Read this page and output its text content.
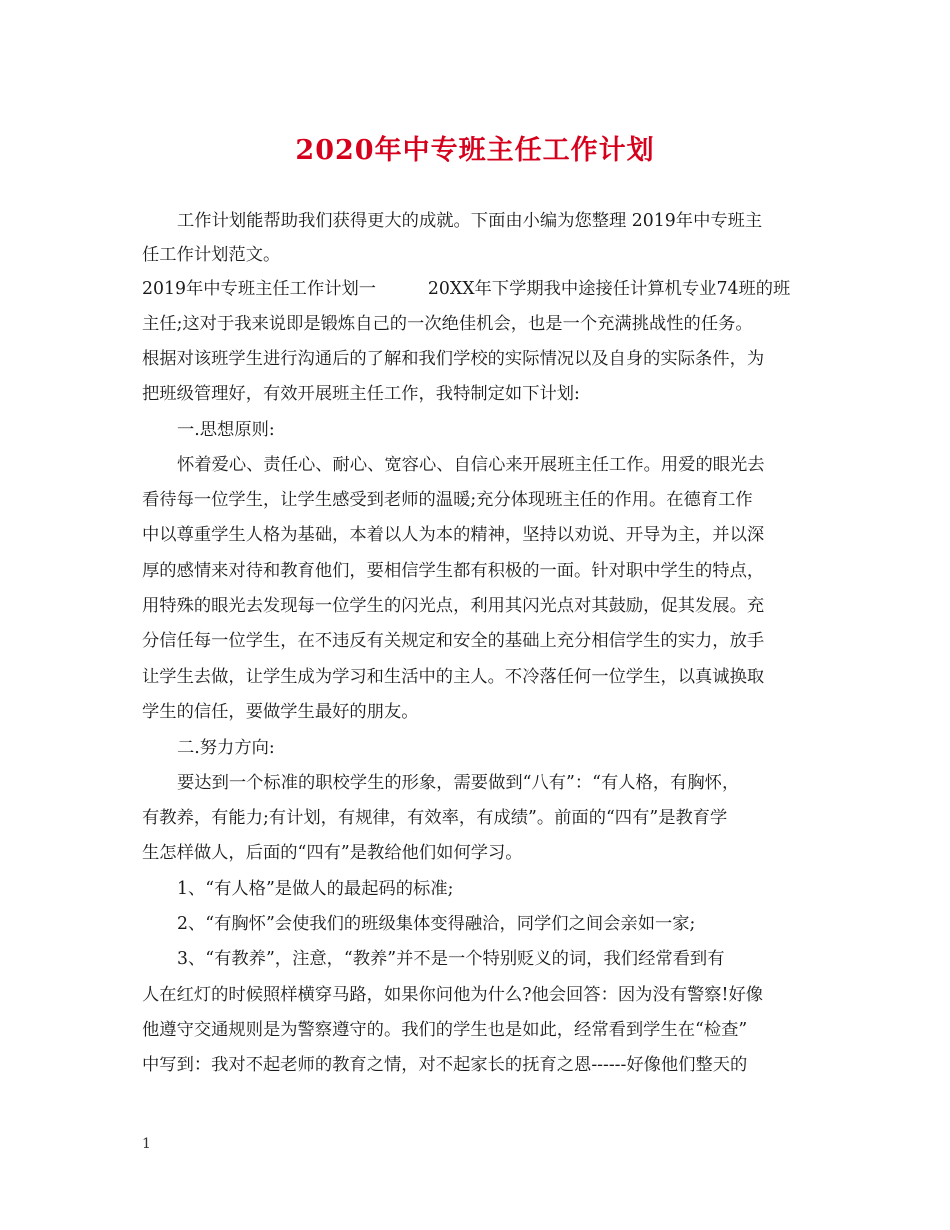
2020年中专班主任工作计划

工作计划能帮助我们获得更大的成就。下面由小编为您整理 2019年中专班主

任工作计划范文。

2019年中专班主任工作计划一　　　20XX年下学期我中途接任计算机专业74班的班

主任;这对于我来说即是锻炼自己的一次绝佳机会，也是一个充满挑战性的任务。

根据对该班学生进行沟通后的了解和我们学校的实际情况以及自身的实际条件，为

把班级管理好，有效开展班主任工作，我特制定如下计划:

一.思想原则:

怀着爱心、责任心、耐心、宽容心、自信心来开展班主任工作。用爱的眼光去

看待每一位学生，让学生感受到老师的温暖;充分体现班主任的作用。在德育工作

中以尊重学生人格为基础，本着以人为本的精神，坚持以劝说、开导为主，并以深

厚的感情来对待和教育他们，要相信学生都有积极的一面。针对职中学生的特点，

用特殊的眼光去发现每一位学生的闪光点，利用其闪光点对其鼓励，促其发展。充

分信任每一位学生，在不违反有关规定和安全的基础上充分相信学生的实力，放手

让学生去做，让学生成为学习和生活中的主人。不冷落任何一位学生，以真诚换取

学生的信任，要做学生最好的朋友。

二.努力方向:

要达到一个标准的职校学生的形象，需要做到“八有”：“有人格，有胸怀，

有教养，有能力;有计划，有规律，有效率，有成绩”。前面的“四有”是教育学

生怎样做人，后面的“四有”是教给他们如何学习。

1、“有人格”是做人的最起码的标准;

2、“有胸怀”会使我们的班级集体变得融洽，同学们之间会亲如一家;

3、“有教养”，注意，“教养”并不是一个特别贬义的词，我们经常看到有

人在红灯的时候照样横穿马路，如果你问他为什么?他会回答：因为没有警察!好像

他遵守交通规则是为警察遵守的。我们的学生也是如此，经常看到学生在“检查”

中写到：我对不起老师的教育之情，对不起家长的抚育之恩------好像他们整天的

1
